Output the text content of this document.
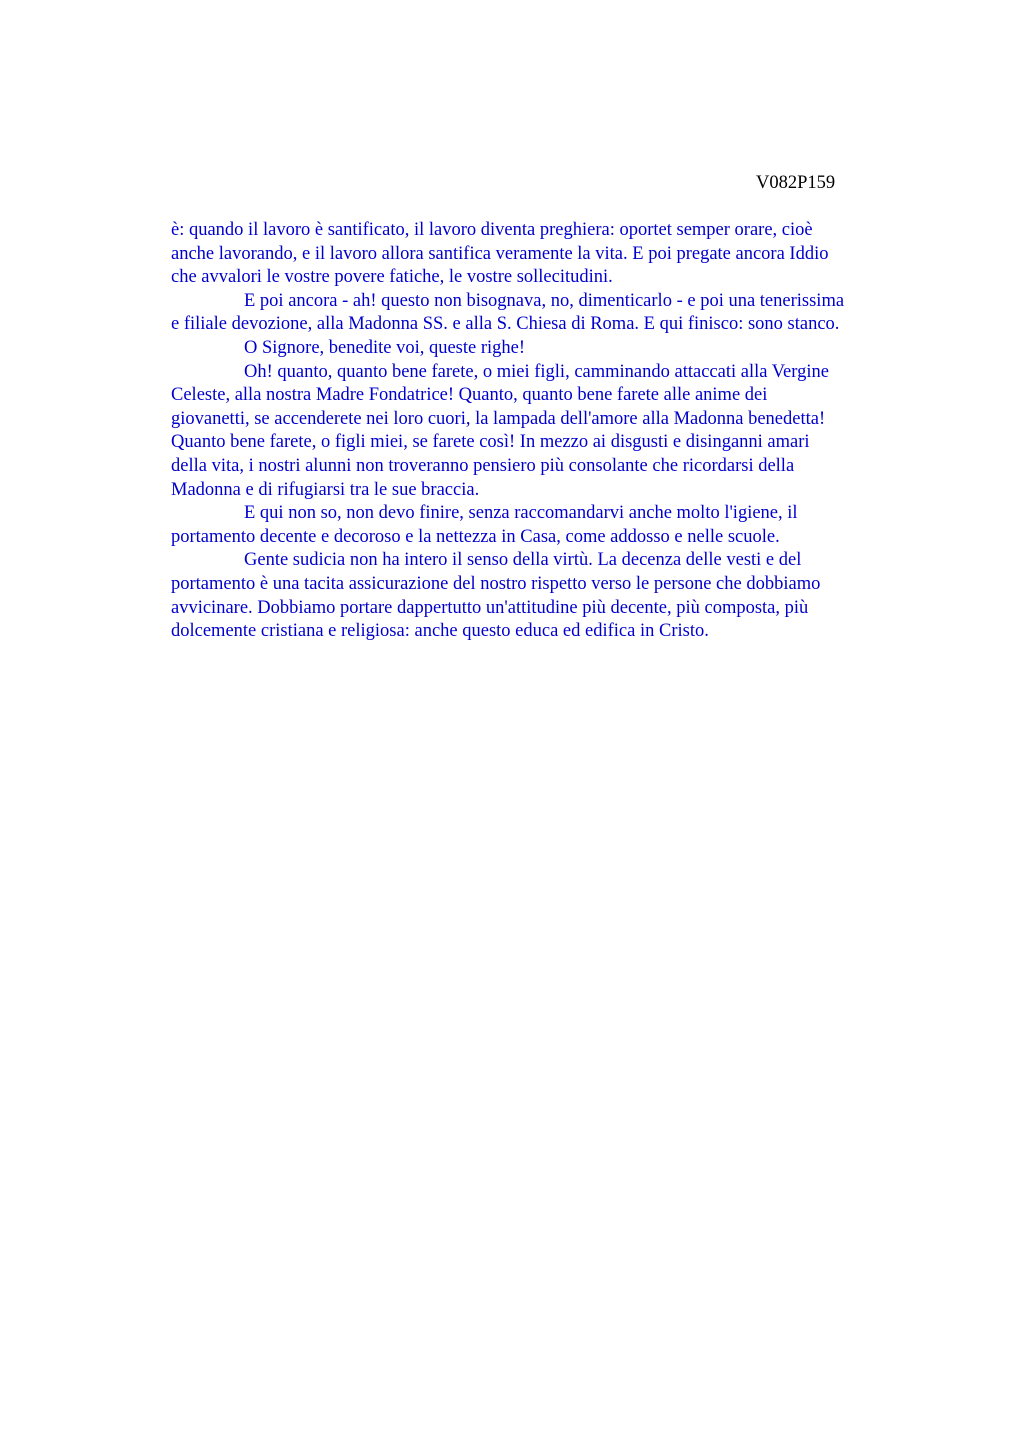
V082P159

è: quando il lavoro è santificato, il lavoro diventa preghiera: oportet semper orare, cioè
anche lavorando, e il lavoro allora santifica veramente la vita. E poi pregate ancora Iddio
che avvalori le vostre povere fatiche, le vostre sollecitudini.

E poi ancora - ah! questo non bisognava, no, dimenticarlo - e poi una tenerissima
e filiale devozione, alla Madonna SS. e alla S. Chiesa di Roma. E qui finisco: sono stanco.

O Signore, benedite voi, queste righe!

Oh! quanto, quanto bene farete, o miei figli, camminando attaccati alla Vergine
Celeste, alla nostra Madre Fondatrice! Quanto, quanto bene farete alle anime dei
giovanetti, se accenderete nei loro cuori, la lampada dell'amore alla Madonna benedetta!
Quanto bene farete, o figli miei, se farete così! In mezzo ai disgusti e disinganni amari
della vita, i nostri alunni non troveranno pensiero più consolante che ricordarsi della
Madonna e di rifugiarsi tra le sue braccia.

E qui non so, non devo finire, senza raccomandarvi anche molto l'igiene, il
portamento decente e decoroso e la nettezza in Casa, come addosso e nelle scuole.

Gente sudicia non ha intero il senso della virtù. La decenza delle vesti e del
portamento è una tacita assicurazione del nostro rispetto verso le persone che dobbiamo
avvicinare. Dobbiamo portare dappertutto un'attitudine più decente, più composta, più
dolcemente cristiana e religiosa: anche questo educa ed edifica in Cristo.
